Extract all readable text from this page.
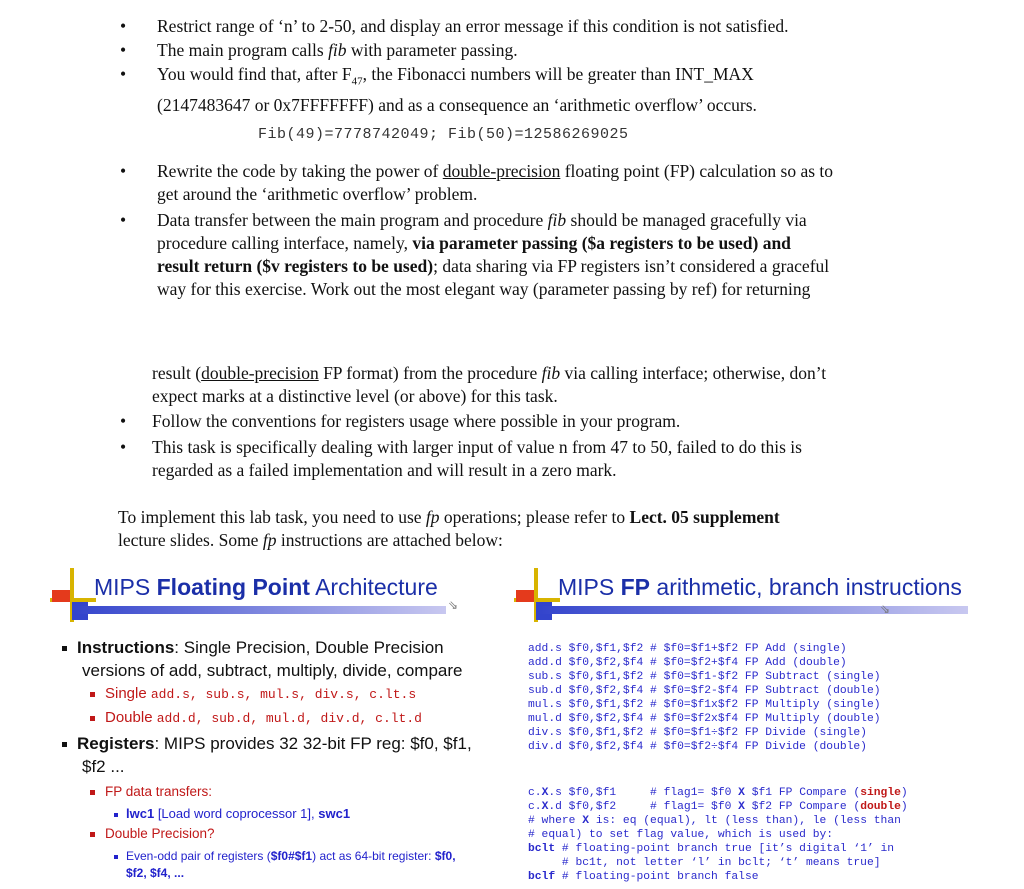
• Restrict range of ‘n’ to 2-50, and display an error message if this condition is not satisfied.
• The main program calls fib with parameter passing.
• You would find that, after $F_{47}$, the Fibonacci numbers will be greater than INT_MAX
(2147483647 or 0x7FFFFFFF) and as a consequence an ‘arithmetic overflow’ occurs.
Fib(49)=7778742049; Fib(50)=12586269025
• Rewrite the code by taking the power of double-precision floating point (FP) calculation so as to
get around the ‘arithmetic overflow’ problem.
• Data transfer between the main program and procedure fib should be managed gracefully via
procedure calling interface, namely, via parameter passing ($a registers to be used) and
result return ($v registers to be used); data sharing via FP registers isn’t considered a graceful
way for this exercise. Work out the most elegant way (parameter passing by ref) for returning
result (double-precision FP format) from the procedure fib via calling interface; otherwise, don’t
expect marks at a distinctive level (or above) for this task.
• Follow the conventions for registers usage where possible in your program.
• This task is specifically dealing with larger input of value n from 47 to 50, failed to do this is
regarded as a failed implementation and will result in a zero mark.
To implement this lab task, you need to use fp operations; please refer to Lect. 05 supplement
lecture slides. Some fp instructions are attached below:
MIPS Floating Point Architecture
⇘
Instructions: Single Precision, Double Precision
versions of add, subtract, multiply, divide, compare
Single add.s, sub.s, mul.s, div.s, c.lt.s
Double add.d, sub.d, mul.d, div.d, c.lt.d
Registers: MIPS provides 32 32-bit FP reg: $f0, $f1,
$f2 ...
FP data transfers:
lwc1 [Load word coprocessor 1], swc1
Double Precision?
Even-odd pair of registers ($f0#$f1) act as 64-bit register: $f0,
$f2, $f4, ...
MIPS FP arithmetic, branch instructions
⇘

add.s $f0,$f1,$f2 # $f0=$f1+$f2 FP Add (single)
add.d $f0,$f2,$f4 # $f0=$f2+$f4 FP Add (double)
sub.s $f0,$f1,$f2 # $f0=$f1-$f2 FP Subtract (single)
sub.d $f0,$f2,$f4 # $f0=$f2-$f4 FP Subtract (double)
mul.s $f0,$f1,$f2 # $f0=$f1x$f2 FP Multiply (single)
mul.d $f0,$f2,$f4 # $f0=$f2x$f4 FP Multiply (double)
div.s $f0,$f1,$f2 # $f0=$f1÷$f2 FP Divide (single)
div.d $f0,$f2,$f4 # $f0=$f2÷$f4 FP Divide (double)

c.X.s $f0,$f1     # flag1= $f0 X $f1 FP Compare (single)
c.X.d $f0,$f2     # flag1= $f0 X $f2 FP Compare (double)
# where X is: eq (equal), lt (less than), le (less than
# equal) to set flag value, which is used by:
bclt # floating-point branch true [it’s digital ‘1’ in
# bc1t, not letter ‘l’ in bclt; ‘t’ means true]
bclf # floating-point branch false
